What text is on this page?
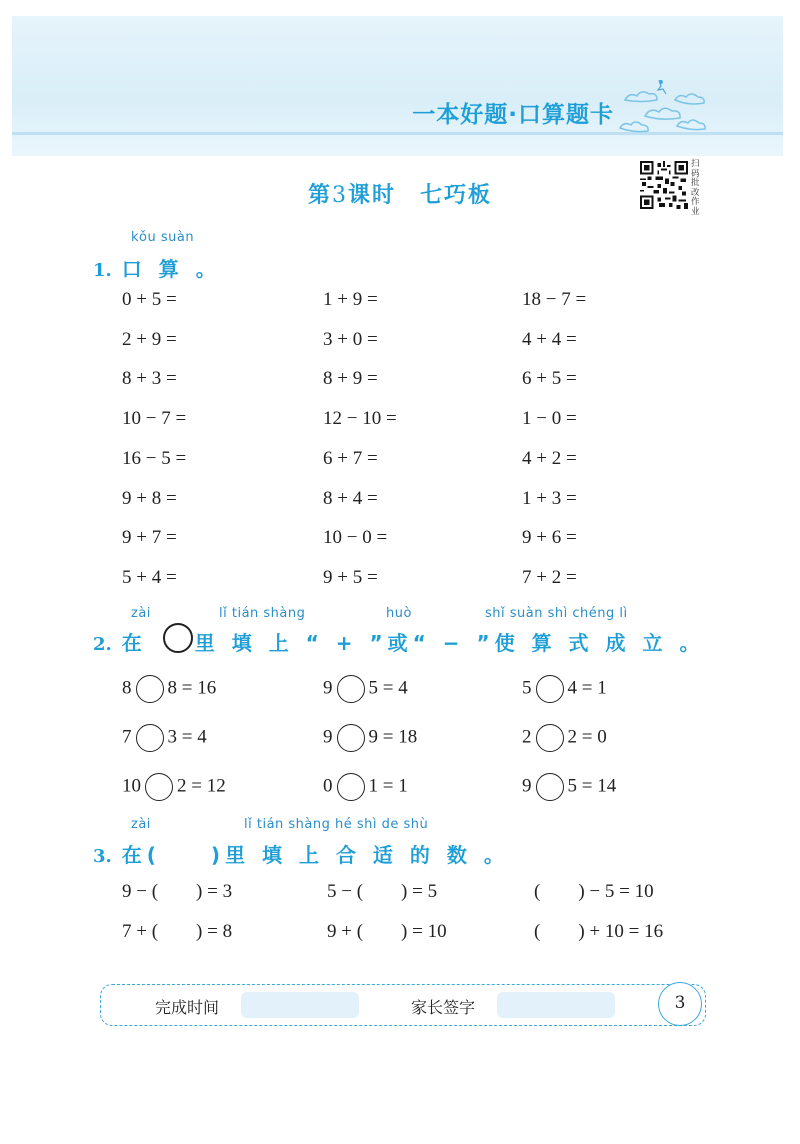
一本好题·口算题卡
第3课时　七巧板
扫码批改作业
kǒu suàn
1. 口 算 。
0 + 5 =	1 + 9 =	18 − 7 =
2 + 9 =	3 + 0 =	4 + 4 =
8 + 3 =	8 + 9 =	6 + 5 =
10 − 7 =	12 − 10 =	1 − 0 =
16 − 5 =	6 + 7 =	4 + 2 =
9 + 8 =	8 + 4 =	1 + 3 =
9 + 7 =	10 − 0 =	9 + 6 =
5 + 4 =	9 + 5 =	7 + 2 =
zài	lǐ tián shàng	huò	shǐ suàn shì chéng lì
2. 在 里 填 上 “ + ”或“ − ”使 算 式 成 立 。
8 8 = 16	9 5 = 4	5 4 = 1
7 3 = 4	9 9 = 18	2 2 = 0
10 2 = 12	0 1 = 1	9 5 = 14
zài	lǐ tián shàng hé shì de shù
3. 在(　　)里 填 上 合 适 的 数 。
9 − (　　) = 3	5 − (　　) = 5	(　　) − 5 = 10
7 + (　　) = 8	9 + (　　) = 10	(　　) + 10 = 16
完成时间	家长签字	3
